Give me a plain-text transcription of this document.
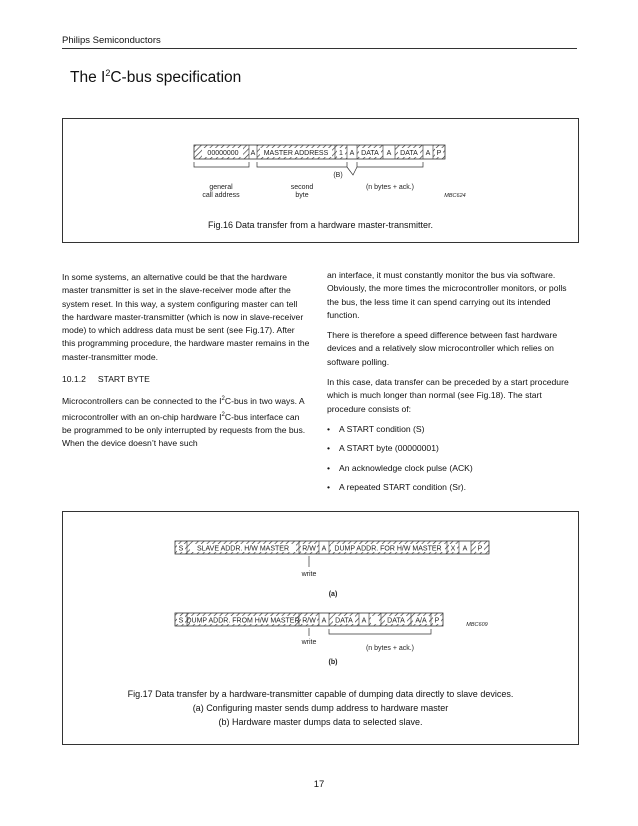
Philips Semiconductors
The $I^2C$-bus specification
00000000 A MASTER ADDRESS 1 A DATA A DATA A P
(B)
general
call address
second
byte
(n bytes + ack.)
MBC624
Fig.16 Data transfer from a hardware master-transmitter.

In some systems, an alternative could be that the hardware master transmitter is set in the slave-receiver mode after the system reset. In this way, a system configuring master can tell the hardware master-transmitter (which is now in slave-receiver mode) to which address data must be sent (see Fig.17). After this programming procedure, the hardware master remains in the master-transmitter mode.

10.1.2 START BYTE

Microcontrollers can be connected to the $I^2C$-bus in two ways. A microcontroller with an on-chip hardware $I^2C$-bus interface can be programmed to be only interrupted by requests from the bus. When the device doesn’t have such

an interface, it must constantly monitor the bus via software. Obviously, the more times the microcontroller monitors, or polls the bus, the less time it can spend carrying out its intended function.

There is therefore a speed difference between fast hardware devices and a relatively slow microcontroller which relies on software polling.

In this case, data transfer can be preceded by a start procedure which is much longer than normal (see Fig.18). The start procedure consists of:

• A START condition (S)
• A START byte (00000001)
• An acknowledge clock pulse (ACK)
• A repeated START condition (Sr).
S SLAVE ADDR. H/W MASTER R/W A DUMP ADDR. FOR H/W MASTER X A P
write
(a)
S DUMP ADDR. FROM H/W MASTER R/W A DATA A	DATA A/A P
write
(n bytes + ack.)
(b)
MBC609
Fig.17 Data transfer by a hardware-transmitter capable of dumping data directly to slave devices.
(a) Configuring master sends dump address to hardware master
(b) Hardware master dumps data to selected slave.
17
